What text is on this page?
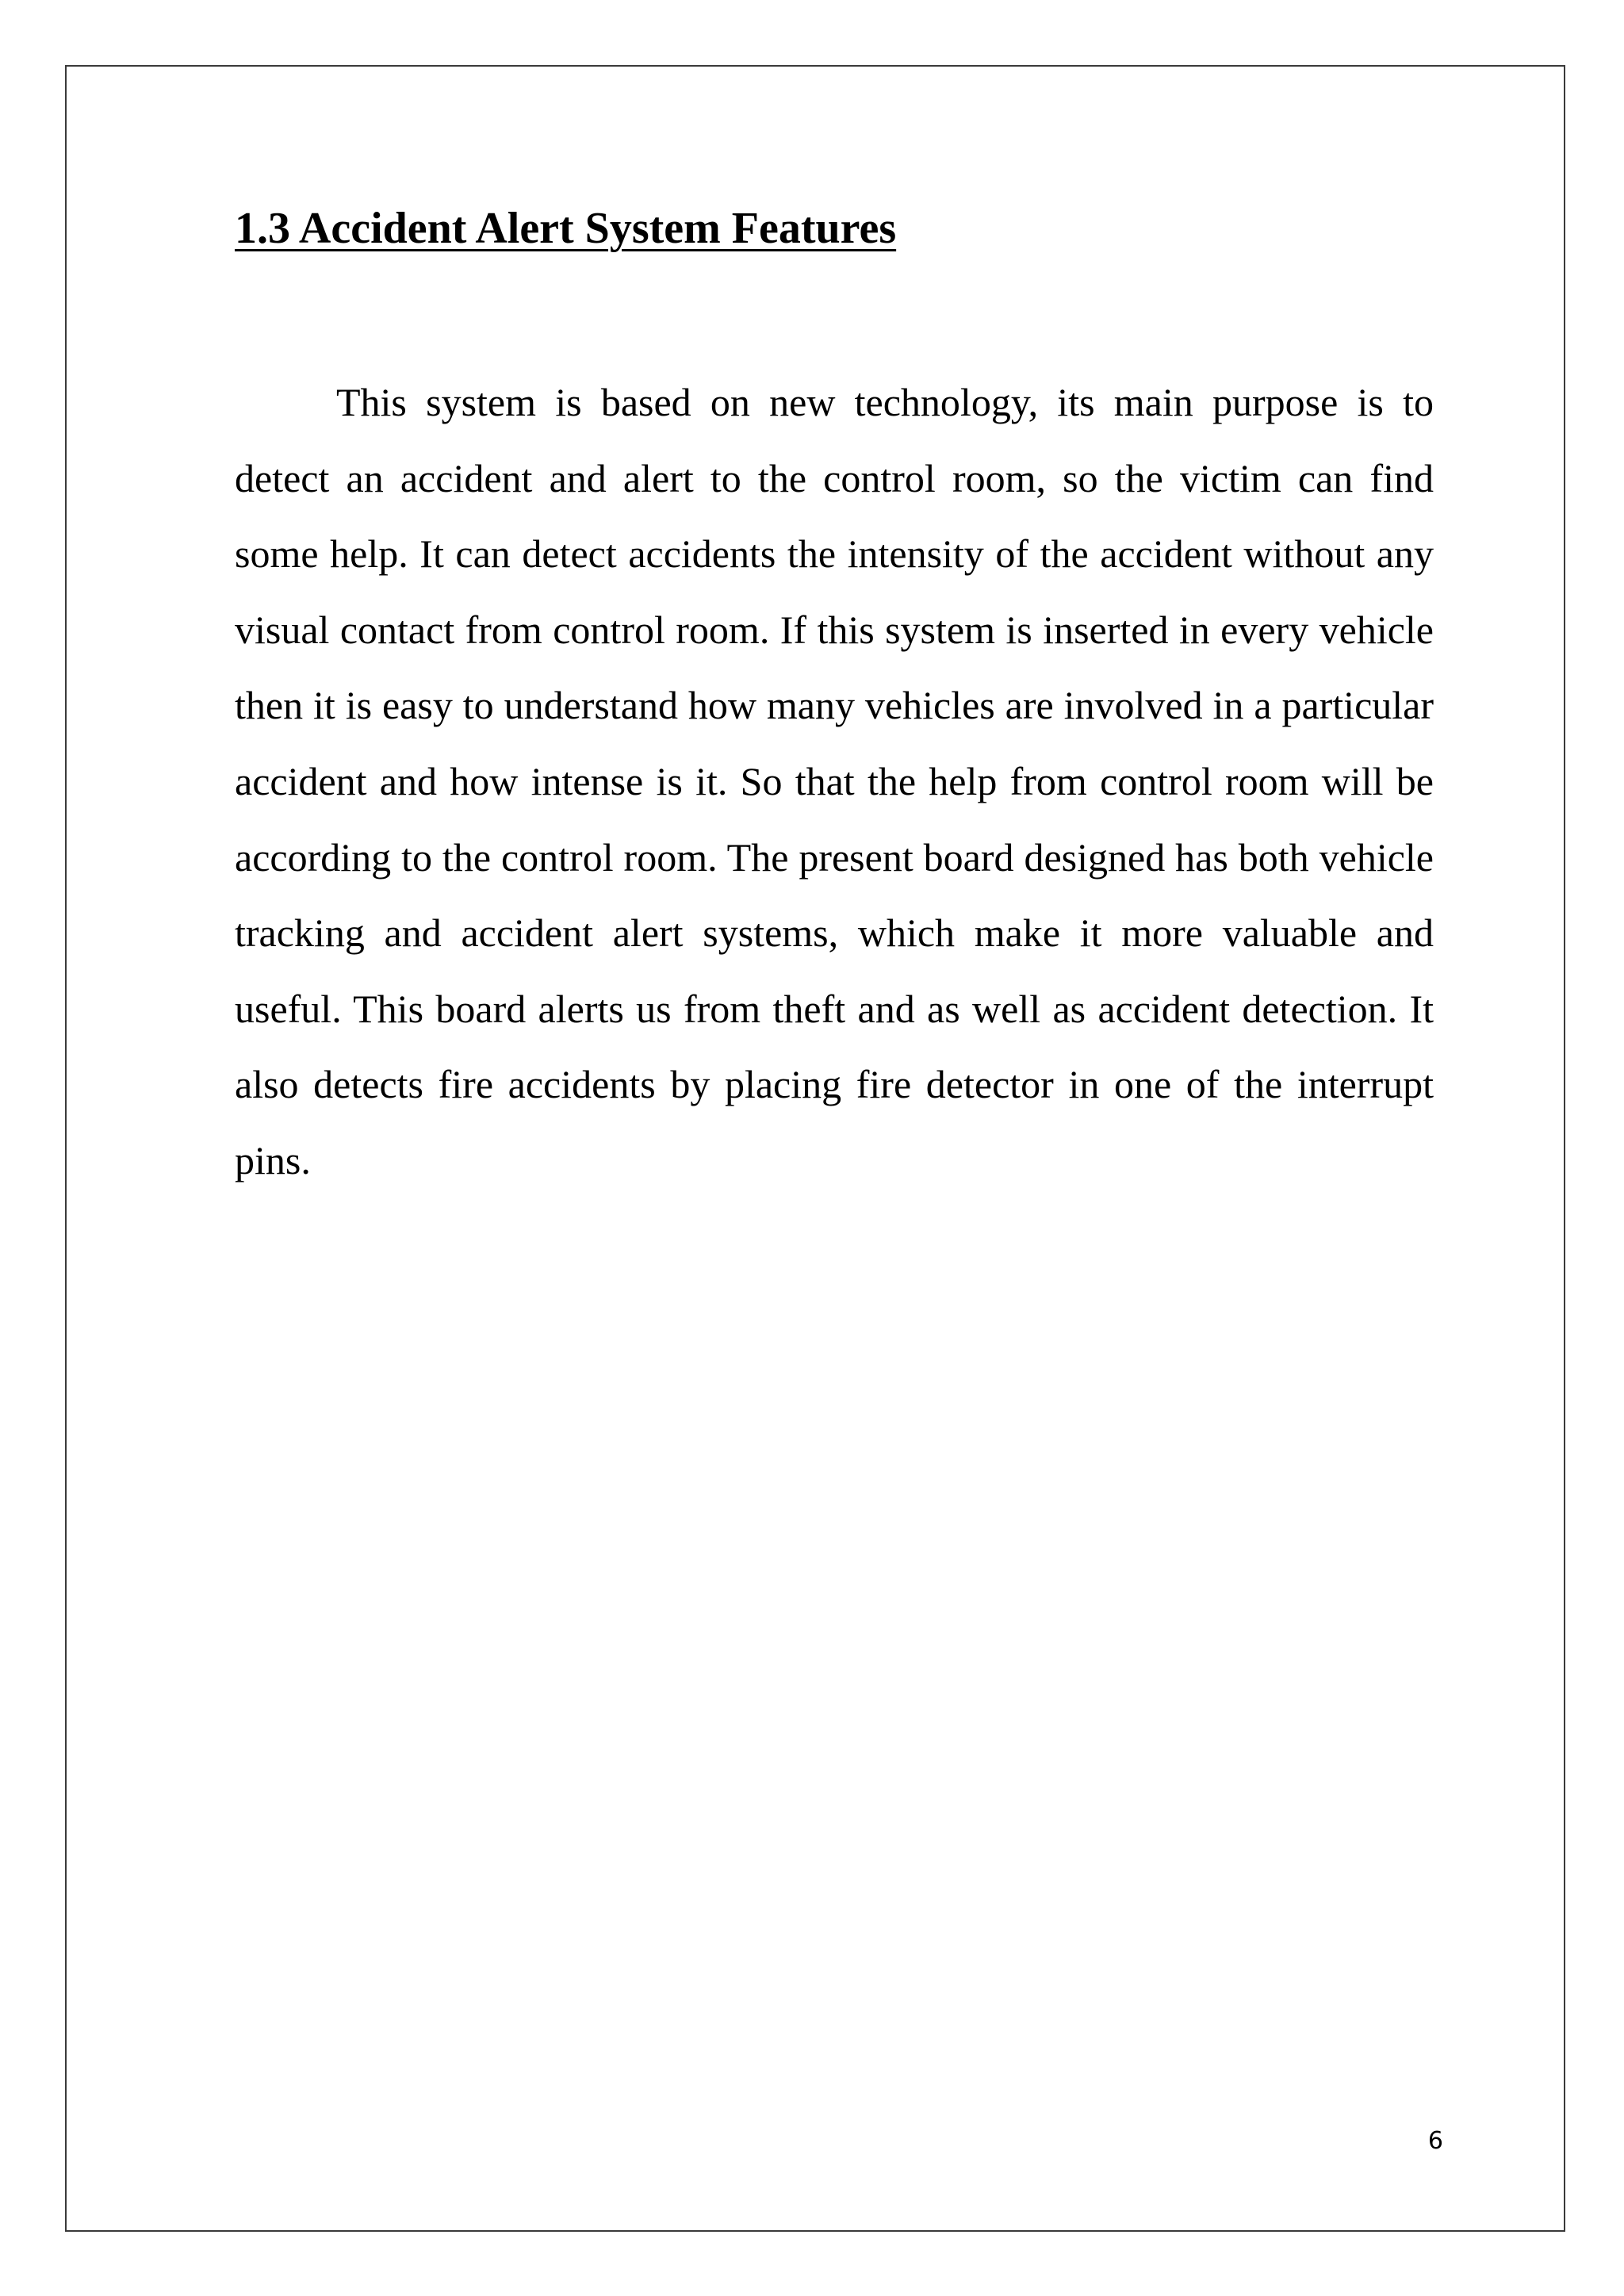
1.3 Accident Alert System Features

This system is based on new technology, its main purpose is to detect an accident and alert to the control room, so the victim can find some help. It can detect accidents the intensity of the accident without any visual contact from control room. If this system is inserted in every vehicle then it is easy to understand how many vehicles are involved in a particular accident and how intense is it. So that the help from control room will be according to the control room. The present board designed has both vehicle tracking and accident alert systems, which make it more valuable and useful. This board alerts us from theft and as well as accident detection. It also detects fire accidents by placing fire detector in one of the interrupt pins.

6
